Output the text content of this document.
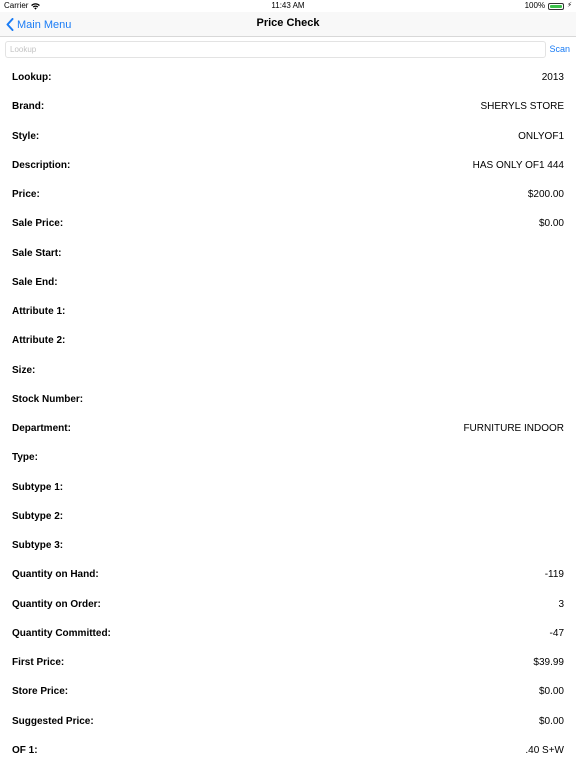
Carrier	11:43 AM	100%	⚡
Main Menu	Price Check
Lookup
Scan
Lookup:	2013
Brand:	SHERYLS STORE
Style:	ONLYOF1
Description:	HAS ONLY OF1 444
Price:	$200.00
Sale Price:	$0.00
Sale Start:
Sale End:
Attribute 1:
Attribute 2:
Size:
Stock Number:
Department:	FURNITURE INDOOR
Type:
Subtype 1:
Subtype 2:
Subtype 3:
Quantity on Hand:	-119
Quantity on Order:	3
Quantity Committed:	-47
First Price:	$39.99
Store Price:	$0.00
Suggested Price:	$0.00
OF 1:	.40 S+W
